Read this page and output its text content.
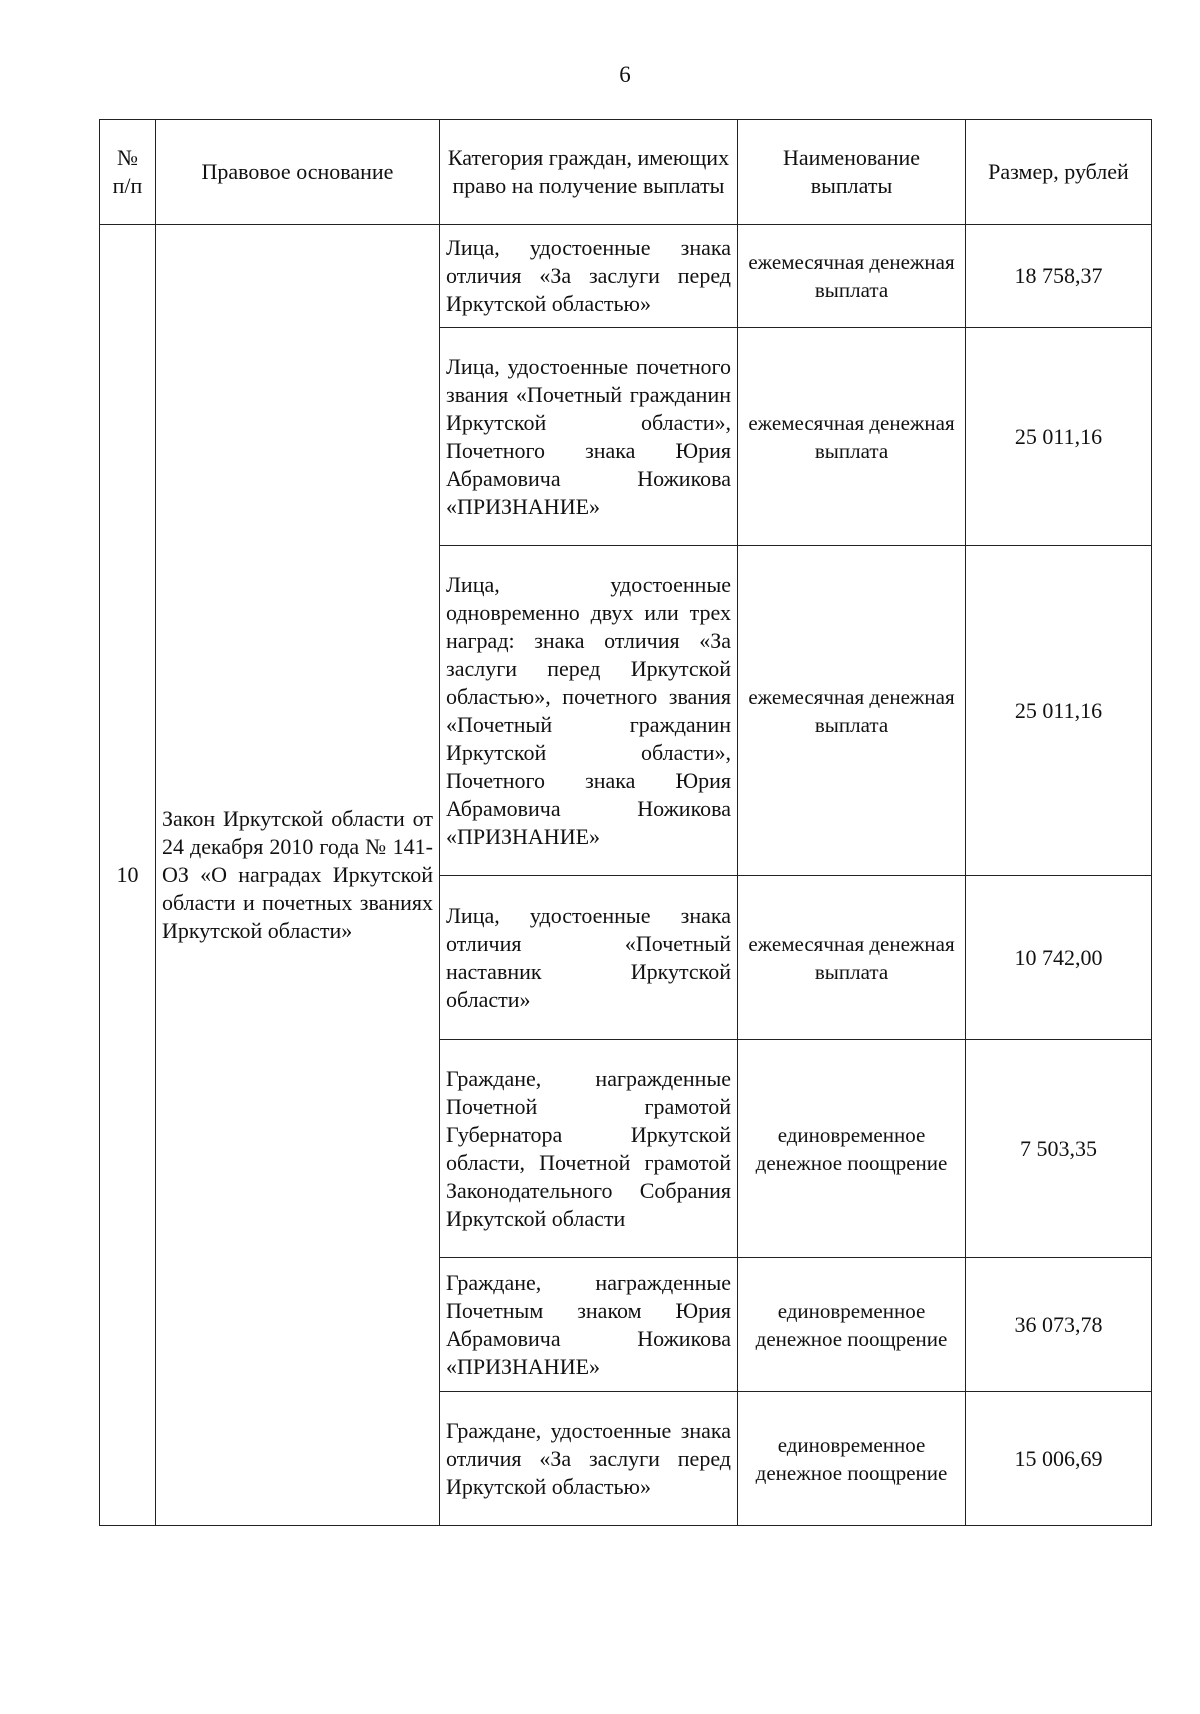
6
№ п/п	Правовое основание	Категория граждан, имеющих право на получение выплаты	Наименование выплаты	Размер, рублей
10	Закон Иркутской области от 24 декабря 2010 года № 141-ОЗ «О наградах Иркутской области и почетных званиях Иркутской области»	Лица, удостоенные знака отличия «За заслуги перед Иркутской областью»	ежемесячная денежная выплата	18 758,37
		Лица, удостоенные почетного звания «Почетный гражданин Иркутской области», Почетного знака Юрия Абрамовича Ножикова «ПРИЗНАНИЕ»	ежемесячная денежная выплата	25 011,16
		Лица, удостоенные одновременно двух или трех наград: знака отличия «За заслуги перед Иркутской областью», почетного звания «Почетный гражданин Иркутской области», Почетного знака Юрия Абрамовича Ножикова «ПРИЗНАНИЕ»	ежемесячная денежная выплата	25 011,16
		Лица, удостоенные знака отличия «Почетный наставник Иркутской области»	ежемесячная денежная выплата	10 742,00
		Граждане, награжденные Почетной грамотой Губернатора Иркутской области, Почетной грамотой Законодательного Собрания Иркутской области	единовременное денежное поощрение	7 503,35
		Граждане, награжденные Почетным знаком Юрия Абрамовича Ножикова «ПРИЗНАНИЕ»	единовременное денежное поощрение	36 073,78
		Граждане, удостоенные знака отличия «За заслуги перед Иркутской областью»	единовременное денежное поощрение	15 006,69
